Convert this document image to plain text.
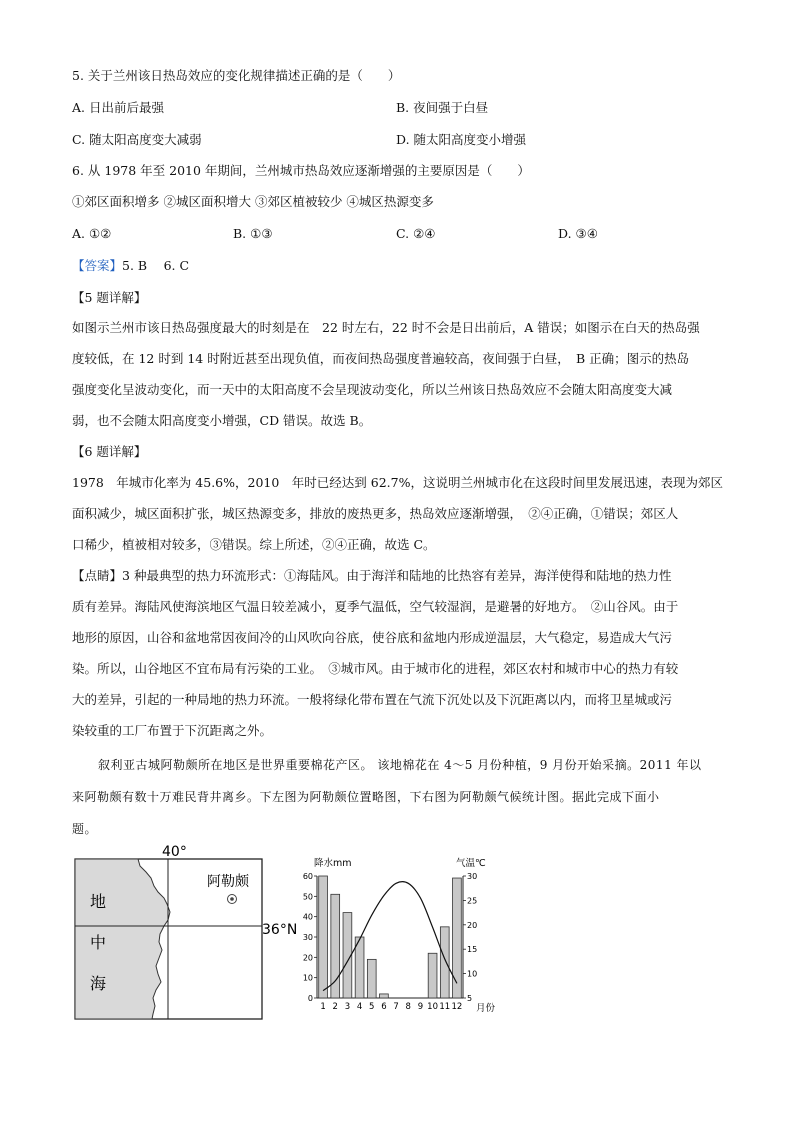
5. 关于兰州该日热岛效应的变化规律描述正确的是（　　）
A. 日出前后最强	B. 夜间强于白昼
C. 随太阳高度变大减弱	D. 随太阳高度变小增强
6. 从 1978 年至 2010 年期间，兰州城市热岛效应逐渐增强的主要原因是（　　）
①郊区面积增多 ②城区面积增大 ③郊区植被较少 ④城区热源变多
A. ①②	B. ①③	C. ②④	D. ③④
【答案】5. B　 6. C
【5 题详解】
如图示兰州市该日热岛强度最大的时刻是在　22 时左右，22 时不会是日出前后，A 错误；如图示在白天的热岛强
度较低，在 12 时到 14 时附近甚至出现负值，而夜间热岛强度普遍较高，夜间强于白昼，　B 正确；图示的热岛
强度变化呈波动变化，而一天中的太阳高度不会呈现波动变化，所以兰州该日热岛效应不会随太阳高度变大减
弱，也不会随太阳高度变小增强，CD 错误。故选 B。
【6 题详解】
1978　年城市化率为 45.6%，2010　年时已经达到 62.7%，这说明兰州城市化在这段时间里发展迅速，表现为郊区
面积减少，城区面积扩张，城区热源变多，排放的废热更多，热岛效应逐渐增强，　②④正确，①错误；郊区人
口稀少，植被相对较多，③错误。综上所述，②④正确，故选 C。
【点睛】3 种最典型的热力环流形式：①海陆风。由于海洋和陆地的比热容有差异，海洋使得和陆地的热力性
质有差异。海陆风使海滨地区气温日较差减小，夏季气温低，空气较湿润，是避暑的好地方。　②山谷风。由于
地形的原因，山谷和盆地常因夜间冷的山风吹向谷底，使谷底和盆地内形成逆温层，大气稳定，易造成大气污
染。所以，山谷地区不宜布局有污染的工业。　③城市风。由于城市化的进程，郊区农村和城市中心的热力有较
大的差异，引起的一种局地的热力环流。一般将绿化带布置在气流下沉处以及下沉距离以内，而将卫星城或污
染较重的工厂布置于下沉距离之外。
叙利亚古城阿勒颇所在地区是世界重要棉花产区。 该地棉花在 4～5 月份种植，9 月份开始采摘。2011 年以
来阿勒颇有数十万难民背井离乡。下左图为阿勒颇位置略图，下右图为阿勒颇气候统计图。据此完成下面小
题。
40°
36°N
阿勒颇
地
中
海
降水mm	气温℃
月份
0
10
20
30
40
50
60
5
10
15
20
25
30
1 2 3 4 5 6 7 8 9 10 11 12
